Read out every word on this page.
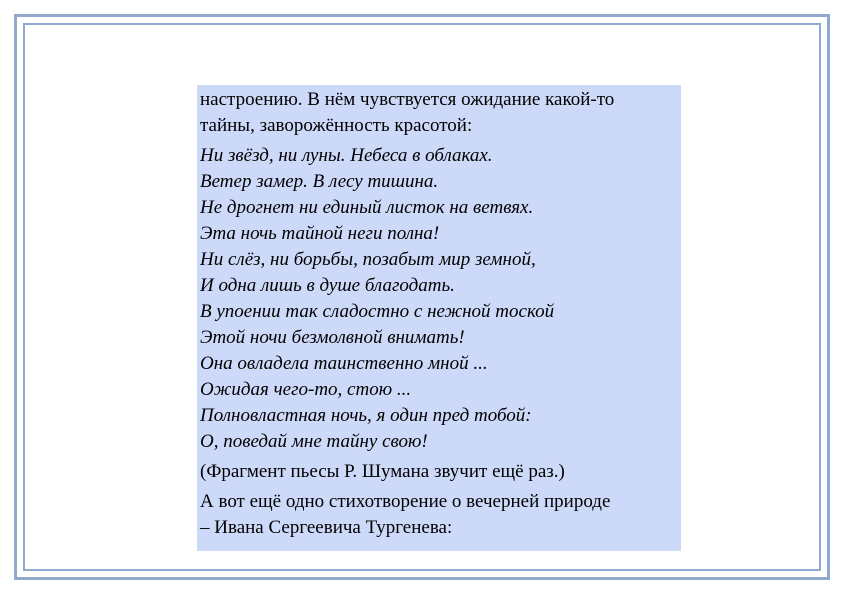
настроению. В нём чувствуется ожидание какой-то
тайны, заворожённость красотой:
Ни звёзд, ни луны. Небеса в облаках.
Ветер замер. В лесу тишина.
Не дрогнет ни единый листок на ветвях.
Эта ночь тайной неги полна!
Ни слёз, ни борьбы, позабыт мир земной,
И одна лишь в душе благодать.
В упоении так сладостно с нежной тоской
Этой ночи безмолвной внимать!
Она овладела таинственно мной ...
Ожидая чего-то, стою ...
Полновластная ночь, я один пред тобой:
О, поведай мне тайну свою!
(Фрагмент пьесы Р. Шумана звучит ещё раз.)
А вот ещё одно стихотворение о вечерней природе
– Ивана Сергеевича Тургенева:
